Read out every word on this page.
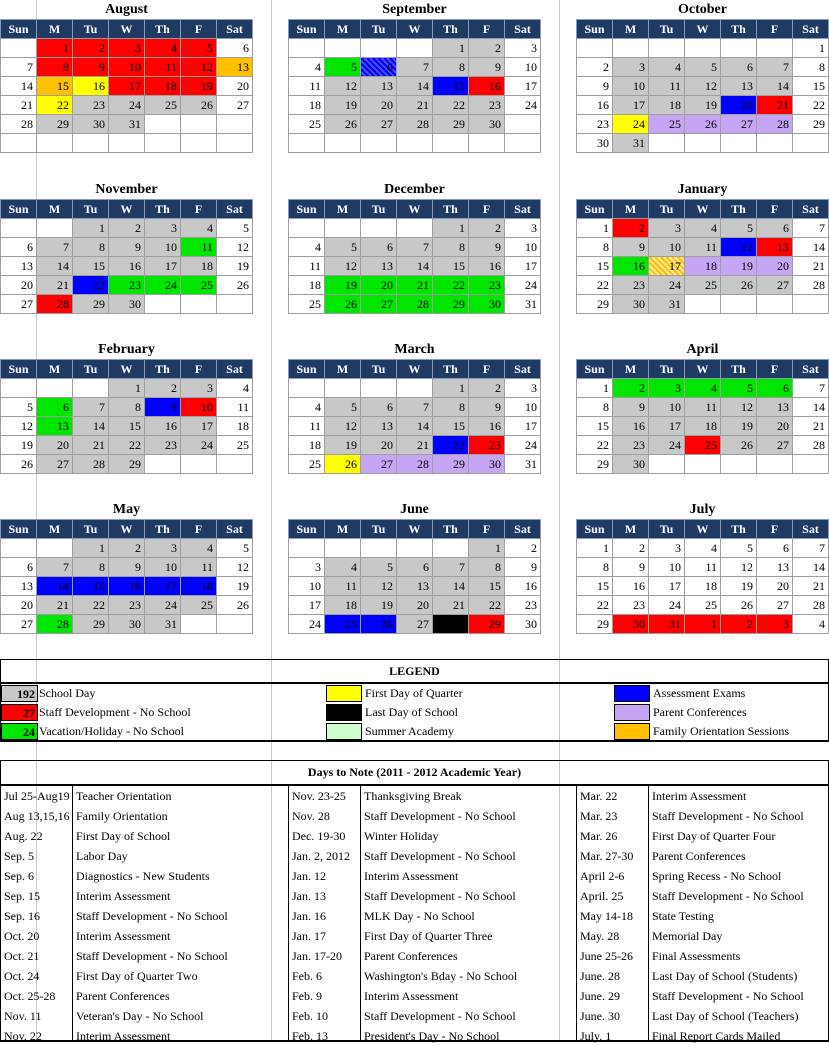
August
Sun	M	Tu	W	Th	F	Sat
	1	2	3	4	5	6
7	8	9	10	11	12	13
14	15	16	17	18	19	20
21	22	23	24	25	26	27
28	29	30	31			

September
Sun	M	Tu	W	Th	F	Sat
				1	2	3
4	5	6	7	8	9	10
11	12	13	14	15	16	17
18	19	20	21	22	23	24
25	26	27	28	29	30	

October
Sun	M	Tu	W	Th	F	Sat
						1
2	3	4	5	6	7	8
9	10	11	12	13	14	15
16	17	18	19	20	21	22
23	24	25	26	27	28	29
30	31					
November
Sun	M	Tu	W	Th	F	Sat
		1	2	3	4	5
6	7	8	9	10	11	12
13	14	15	16	17	18	19
20	21	22	23	24	25	26
27	28	29	30			
December
Sun	M	Tu	W	Th	F	Sat
				1	2	3
4	5	6	7	8	9	10
11	12	13	14	15	16	17
18	19	20	21	22	23	24
25	26	27	28	29	30	31
January
Sun	M	Tu	W	Th	F	Sat
1	2	3	4	5	6	7
8	9	10	11	12	13	14
15	16	17	18	19	20	21
22	23	24	25	26	27	28
29	30	31				
February
Sun	M	Tu	W	Th	F	Sat
			1	2	3	4
5	6	7	8	9	10	11
12	13	14	15	16	17	18
19	20	21	22	23	24	25
26	27	28	29			
March
Sun	M	Tu	W	Th	F	Sat
				1	2	3
4	5	6	7	8	9	10
11	12	13	14	15	16	17
18	19	20	21	22	23	24
25	26	27	28	29	30	31
April
Sun	M	Tu	W	Th	F	Sat
1	2	3	4	5	6	7
8	9	10	11	12	13	14
15	16	17	18	19	20	21
22	23	24	25	26	27	28
29	30					
May
Sun	M	Tu	W	Th	F	Sat
		1	2	3	4	5
6	7	8	9	10	11	12
13	14	15	16	17	18	19
20	21	22	23	24	25	26
27	28	29	30	31		
June
Sun	M	Tu	W	Th	F	Sat
					1	2
3	4	5	6	7	8	9
10	11	12	13	14	15	16
17	18	19	20	21	22	23
24	25	26	27	28	29	30
July
Sun	M	Tu	W	Th	F	Sat
1	2	3	4	5	6	7
8	9	10	11	12	13	14
15	16	17	18	19	20	21
22	23	24	25	26	27	28
29	30	31	1	2	3	4
LEGEND
192 School Day	First Day of Quarter	Assessment Exams
27 Staff Development - No School	Last Day of School	Parent Conferences
24 Vacation/Holiday - No School	Summer Academy	Family Orientation Sessions
Days to Note (2011 - 2012 Academic Year)
Jul 25-Aug19 Teacher Orientation	Nov. 23-25 Thanksgiving Break	Mar. 22	Interim Assessment
Aug 13,15,16 Family Orientation	Nov. 28	Staff Development - No School	Mar. 23	Staff Development - No School
Aug. 22	First Day of School	Dec. 19-30 Winter Holiday	Mar. 26	First Day of Quarter Four
Sep. 5	Labor Day	Jan. 2, 2012 Staff Development - No School	Mar. 27-30 Parent Conferences
Sep. 6	Diagnostics - New Students	Jan. 12	Interim Assessment	April 2-6 Spring Recess - No School
Sep. 15	Interim Assessment	Jan. 13	Staff Development - No School	April. 25 Staff Development - No School
Sep. 16	Staff Development - No School	Jan. 16	MLK Day - No School	May 14-18 State Testing
Oct. 20	Interim Assessment	Jan. 17	First Day of Quarter Three	May. 28	Memorial Day
Oct. 21	Staff Development - No School	Jan. 17-20 Parent Conferences	June 25-26 Final Assessments
Oct. 24	First Day of Quarter Two	Feb. 6	Washington's Bday - No School	June. 28	Last Day of School (Students)
Oct. 25-28 Parent Conferences	Feb. 9	Interim Assessment	June. 29	Staff Development - No School
Nov. 11	Veteran's Day - No School	Feb. 10	Staff Development - No School	June. 30	Last Day of School (Teachers)
Nov. 22	Interim Assessment	Feb. 13	President's Day - No School	July. 1	Final Report Cards Mailed
